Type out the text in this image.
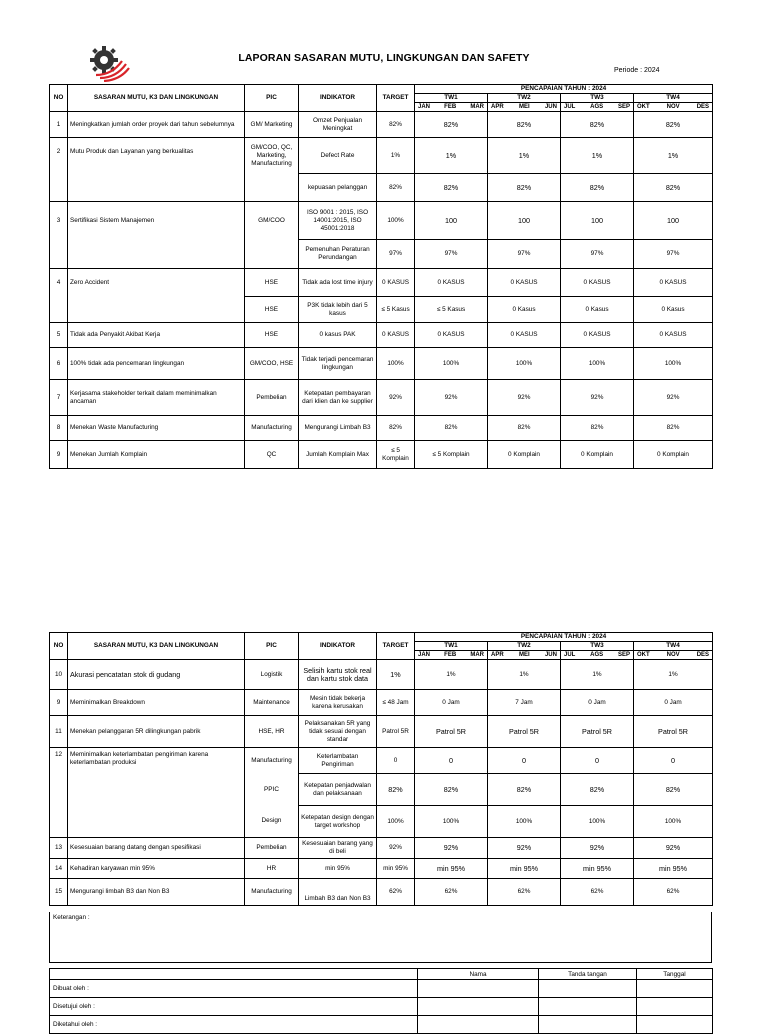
LAPORAN SASARAN MUTU, LINGKUNGAN DAN SAFETY
Periode : 2024
NO	SASARAN MUTU, K3 DAN LINGKUNGAN	PIC	INDIKATOR	TARGET	PENCAPAIAN TAHUN : 2024			
					TW1	TW2	TW3	TW4

					JAN FEB MAR	APR MEI JUN	JUL AGS SEP	OKT NOV DES

1	Meningkatkan jumlah order proyek dari tahun sebelumnya	GM/ Marketing	Omzet Penjualan Meningkat	82%	82%	82%	82%	82%
2	Mutu Produk dan Layanan yang berkualitas	GM/COO, QC, Marketing, Manufacturing	Defect Rate	1%	1%	1%	1%	1%
			kepuasan pelanggan	82%	82%	82%	82%	82%
3	Sertifikasi Sistem Manajemen	GM/COO	ISO 9001 : 2015, ISO 14001:2015, ISO 45001:2018	100%	100	100	100	100
			Pemenuhan Peraturan Perundangan	97%	97%	97%	97%	97%
4	Zero Accident	HSE	Tidak ada lost time injury	0 KASUS	0 KASUS	0 KASUS	0 KASUS	0 KASUS
		HSE	P3K tidak lebih dari 5 kasus	≤ 5 Kasus	≤ 5 Kasus	0 Kasus	0 Kasus	0 Kasus
5	Tidak ada Penyakit Akibat Kerja	HSE	0 kasus PAK	0 KASUS	0 KASUS	0 KASUS	0 KASUS	0 KASUS
6	100% tidak ada pencemaran lingkungan	GM/COO, HSE	Tidak terjadi pencemaran lingkungan	100%	100%	100%	100%	100%
7	Kerjasama stakeholder terkait dalam meminimalkan ancaman	Pembelian	Ketepatan pembayaran dari klien dan ke supplier	92%	92%	92%	92%	92%
8	Menekan Waste Manufacturing	Manufacturing	Mengurangi Limbah B3	82%	82%	82%	82%	82%
9	Menekan Jumlah Komplain	QC	Jumlah Komplain Max	≤ 5 Komplain	≤ 5 Komplain	0 Komplain	0 Komplain	0 Komplain
NO	SASARAN MUTU, K3 DAN LINGKUNGAN	PIC	INDIKATOR	TARGET	PENCAPAIAN TAHUN : 2024			
					TW1	TW2	TW3	TW4

					JAN FEB MAR	APR MEI JUN	JUL AGS SEP	OKT NOV DES

10	Akurasi pencatatan stok di gudang	Logistik	Selisih kartu stok real dan kartu stok data	1%	1%	1%	1%	1%
9	Meminimalkan Breakdown	Maintenance	Mesin tidak bekerja karena kerusakan	≤ 48 Jam	0 Jam	7 Jam	0 Jam	0 Jam
11	Menekan pelanggaran 5R dilingkungan pabrik	HSE, HR	Pelaksanakan 5R yang tidak sesuai dengan standar	Patrol 5R	Patrol 5R	Patrol 5R	Patrol 5R	Patrol 5R
12	Meminimalkan keterlambatan pengiriman karena keterlambatan produksi	Manufacturing	Keterlambatan Pengiriman	0	0	0	0	0
		PPIC	Ketepatan penjadwalan dan pelaksanaan	82%	82%	82%	82%	82%
		Design	Ketepatan design dengan target workshop	100%	100%	100%	100%	100%
13	Kesesuaian barang datang dengan spesifikasi	Pembelian	Kesesuaian barang yang di beli	92%	92%	92%	92%	92%
14	Kehadiran karyawan min 95%	HR	min 95%	min 95%	min 95%	min 95%	min 95%	min 95%
15	Mengurangi limbah B3 dan Non B3	Manufacturing	Limbah B3 dan Non B3	62%	62%	62%	62%	62%
Keterangan :
	Nama	Tanda tangan	Tanggal
Dibuat oleh :			
Disetujui oleh :			
Diketahui oleh :			
